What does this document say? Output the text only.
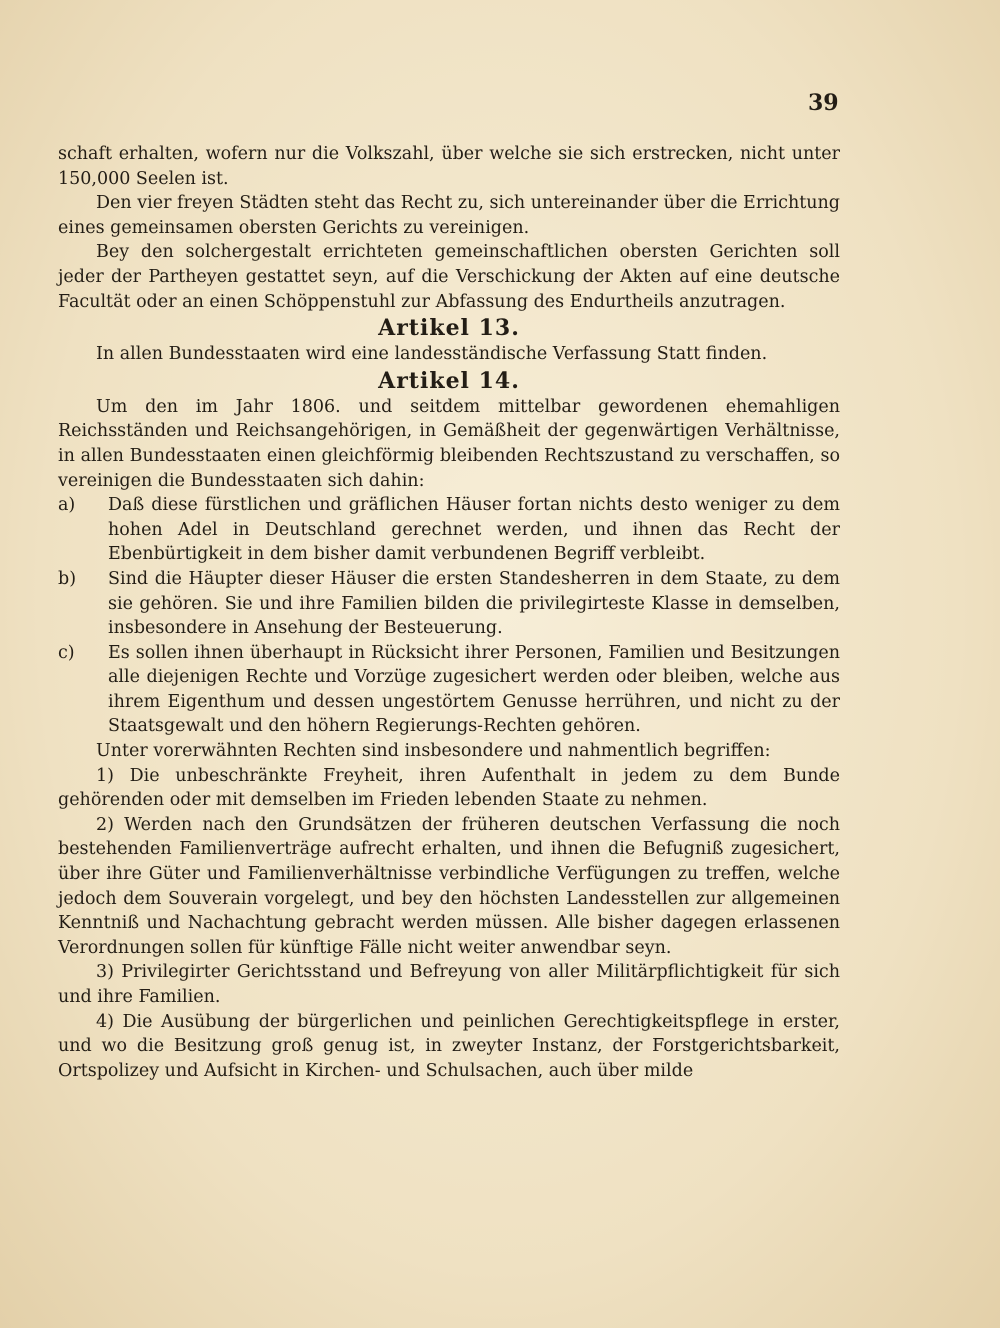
39

schaft erhalten, wofern nur die Volkszahl, über welche sie sich erstrecken, nicht unter 150,000 Seelen ist.

Den vier freyen Städten steht das Recht zu, sich untereinander über die Errichtung eines gemeinsamen obersten Gerichts zu vereinigen.

Bey den solchergestalt errichteten gemeinschaftlichen obersten Gerichten soll jeder der Partheyen gestattet seyn, auf die Verschickung der Akten auf eine deutsche Facultät oder an einen Schöppenstuhl zur Abfassung des Endurtheils anzutragen.

Artikel 13.

In allen Bundesstaaten wird eine landesständische Verfassung Statt finden.

Artikel 14.

Um den im Jahr 1806. und seitdem mittelbar gewordenen ehemahligen Reichsständen und Reichsangehörigen, in Gemäßheit der gegenwärtigen Verhältnisse, in allen Bundesstaaten einen gleichförmig bleibenden Rechtszustand zu verschaffen, so vereinigen die Bundesstaaten sich dahin:

a) Daß diese fürstlichen und gräflichen Häuser fortan nichts desto weniger zu dem hohen Adel in Deutschland gerechnet werden, und ihnen das Recht der Ebenbürtigkeit in dem bisher damit verbundenen Begriff verbleibt.

b) Sind die Häupter dieser Häuser die ersten Standesherren in dem Staate, zu dem sie gehören. Sie und ihre Familien bilden die privilegirteste Klasse in demselben, insbesondere in Ansehung der Besteuerung.

c) Es sollen ihnen überhaupt in Rücksicht ihrer Personen, Familien und Besitzungen alle diejenigen Rechte und Vorzüge zugesichert werden oder bleiben, welche aus ihrem Eigenthum und dessen ungestörtem Genusse herrühren, und nicht zu der Staatsgewalt und den höhern Regierungs-Rechten gehören.

Unter vorerwähnten Rechten sind insbesondere und nahmentlich begriffen:

1) Die unbeschränkte Freyheit, ihren Aufenthalt in jedem zu dem Bunde gehörenden oder mit demselben im Frieden lebenden Staate zu nehmen.

2) Werden nach den Grundsätzen der früheren deutschen Verfassung die noch bestehenden Familienverträge aufrecht erhalten, und ihnen die Befugniß zugesichert, über ihre Güter und Familienverhältnisse verbindliche Verfügungen zu treffen, welche jedoch dem Souverain vorgelegt, und bey den höchsten Landesstellen zur allgemeinen Kenntniß und Nachachtung gebracht werden müssen. Alle bisher dagegen erlassenen Verordnungen sollen für künftige Fälle nicht weiter anwendbar seyn.

3) Privilegirter Gerichtsstand und Befreyung von aller Militärpflichtigkeit für sich und ihre Familien.

4) Die Ausübung der bürgerlichen und peinlichen Gerechtigkeitspflege in erster, und wo die Besitzung groß genug ist, in zweyter Instanz, der Forstgerichtsbarkeit, Ortspolizey und Aufsicht in Kirchen- und Schulsachen, auch über milde
